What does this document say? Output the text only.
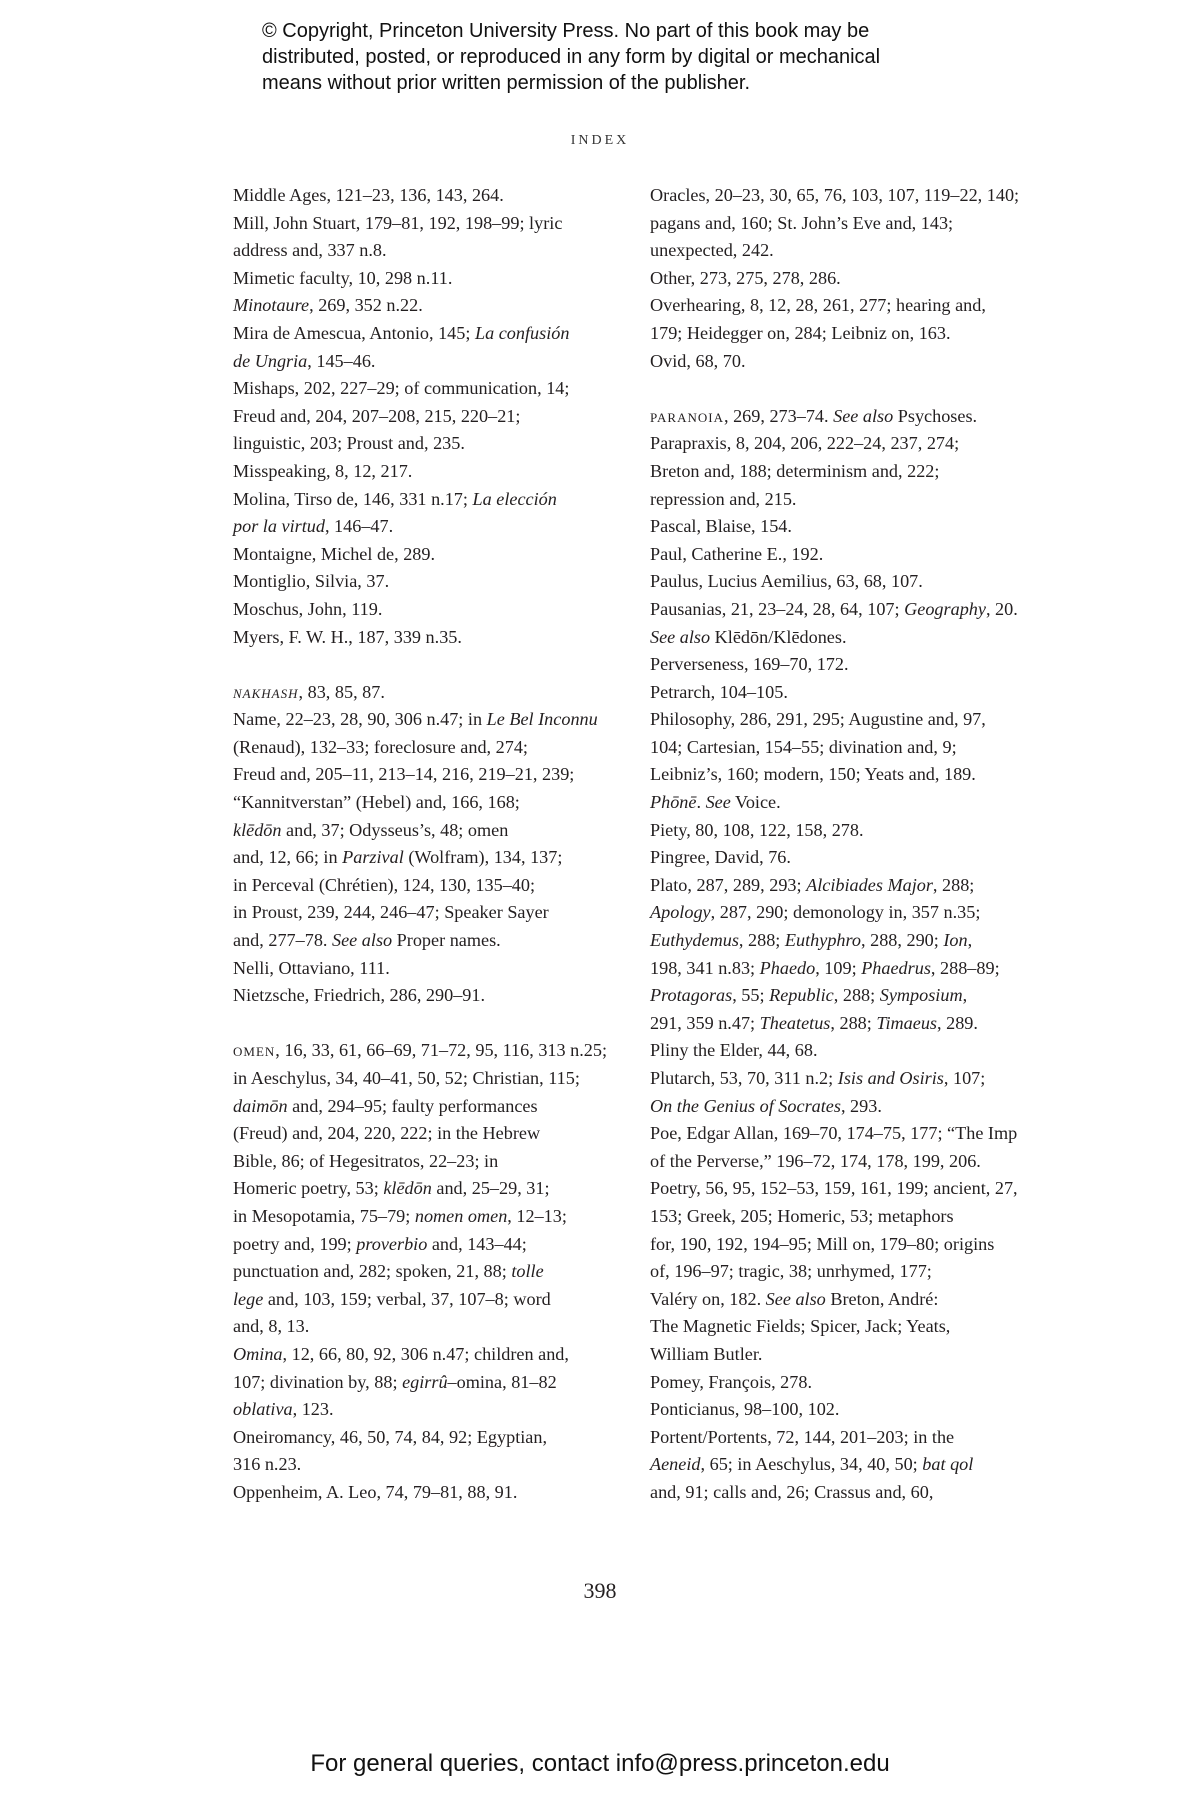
© Copyright, Princeton University Press. No part of this book may be
distributed, posted, or reproduced in any form by digital or mechanical
means without prior written permission of the publisher.
INDEX
Middle Ages, 121–23, 136, 143, 264.
Mill, John Stuart, 179–81, 192, 198–99; lyric
address and, 337 n.8.
Mimetic faculty, 10, 298 n.11.
Minotaure, 269, 352 n.22.
Mira de Amescua, Antonio, 145; La confusión
de Ungria, 145–46.
Mishaps, 202, 227–29; of communication, 14;
Freud and, 204, 207–208, 215, 220–21;
linguistic, 203; Proust and, 235.
Misspeaking, 8, 12, 217.
Molina, Tirso de, 146, 331 n.17; La elección
por la virtud, 146–47.
Montaigne, Michel de, 289.
Montiglio, Silvia, 37.
Moschus, John, 119.
Myers, F. W. H., 187, 339 n.35.
nakhash, 83, 85, 87.
Name, 22–23, 28, 90, 306 n.47; in Le Bel Inconnu
(Renaud), 132–33; foreclosure and, 274;
Freud and, 205–11, 213–14, 216, 219–21, 239;
“Kannitverstan” (Hebel) and, 166, 168;
klēdōn and, 37; Odysseus’s, 48; omen
and, 12, 66; in Parzival (Wolfram), 134, 137;
in Perceval (Chrétien), 124, 130, 135–40;
in Proust, 239, 244, 246–47; Speaker Sayer
and, 277–78. See also Proper names.
Nelli, Ottaviano, 111.
Nietzsche, Friedrich, 286, 290–91.
omen, 16, 33, 61, 66–69, 71–72, 95, 116, 313 n.25;
in Aeschylus, 34, 40–41, 50, 52; Christian, 115;
daimōn and, 294–95; faulty performances
(Freud) and, 204, 220, 222; in the Hebrew
Bible, 86; of Hegesitratos, 22–23; in
Homeric poetry, 53; klēdōn and, 25–29, 31;
in Mesopotamia, 75–79; nomen omen, 12–13;
poetry and, 199; proverbio and, 143–44;
punctuation and, 282; spoken, 21, 88; tolle
lege and, 103, 159; verbal, 37, 107–8; word
and, 8, 13.
Omina, 12, 66, 80, 92, 306 n.47; children and,
107; divination by, 88; egirrû–omina, 81–82
oblativa, 123.
Oneiromancy, 46, 50, 74, 84, 92; Egyptian,
316 n.23.
Oppenheim, A. Leo, 74, 79–81, 88, 91.
Oracles, 20–23, 30, 65, 76, 103, 107, 119–22, 140;
pagans and, 160; St. John’s Eve and, 143;
unexpected, 242.
Other, 273, 275, 278, 286.
Overhearing, 8, 12, 28, 261, 277; hearing and,
179; Heidegger on, 284; Leibniz on, 163.
Ovid, 68, 70.
paranoia, 269, 273–74. See also Psychoses.
Parapraxis, 8, 204, 206, 222–24, 237, 274;
Breton and, 188; determinism and, 222;
repression and, 215.
Pascal, Blaise, 154.
Paul, Catherine E., 192.
Paulus, Lucius Aemilius, 63, 68, 107.
Pausanias, 21, 23–24, 28, 64, 107; Geography, 20.
See also Klēdōn/Klēdones.
Perverseness, 169–70, 172.
Petrarch, 104–105.
Philosophy, 286, 291, 295; Augustine and, 97,
104; Cartesian, 154–55; divination and, 9;
Leibniz’s, 160; modern, 150; Yeats and, 189.
Phōnē. See Voice.
Piety, 80, 108, 122, 158, 278.
Pingree, David, 76.
Plato, 287, 289, 293; Alcibiades Major, 288;
Apology, 287, 290; demonology in, 357 n.35;
Euthydemus, 288; Euthyphro, 288, 290; Ion,
198, 341 n.83; Phaedo, 109; Phaedrus, 288–89;
Protagoras, 55; Republic, 288; Symposium,
291, 359 n.47; Theatetus, 288; Timaeus, 289.
Pliny the Elder, 44, 68.
Plutarch, 53, 70, 311 n.2; Isis and Osiris, 107;
On the Genius of Socrates, 293.
Poe, Edgar Allan, 169–70, 174–75, 177; “The Imp
of the Perverse,” 196–72, 174, 178, 199, 206.
Poetry, 56, 95, 152–53, 159, 161, 199; ancient, 27,
153; Greek, 205; Homeric, 53; metaphors
for, 190, 192, 194–95; Mill on, 179–80; origins
of, 196–97; tragic, 38; unrhymed, 177;
Valéry on, 182. See also Breton, André:
The Magnetic Fields; Spicer, Jack; Yeats,
William Butler.
Pomey, François, 278.
Ponticianus, 98–100, 102.
Portent/Portents, 72, 144, 201–203; in the
Aeneid, 65; in Aeschylus, 34, 40, 50; bat qol
and, 91; calls and, 26; Crassus and, 60,
398
For general queries, contact info@press.princeton.edu
